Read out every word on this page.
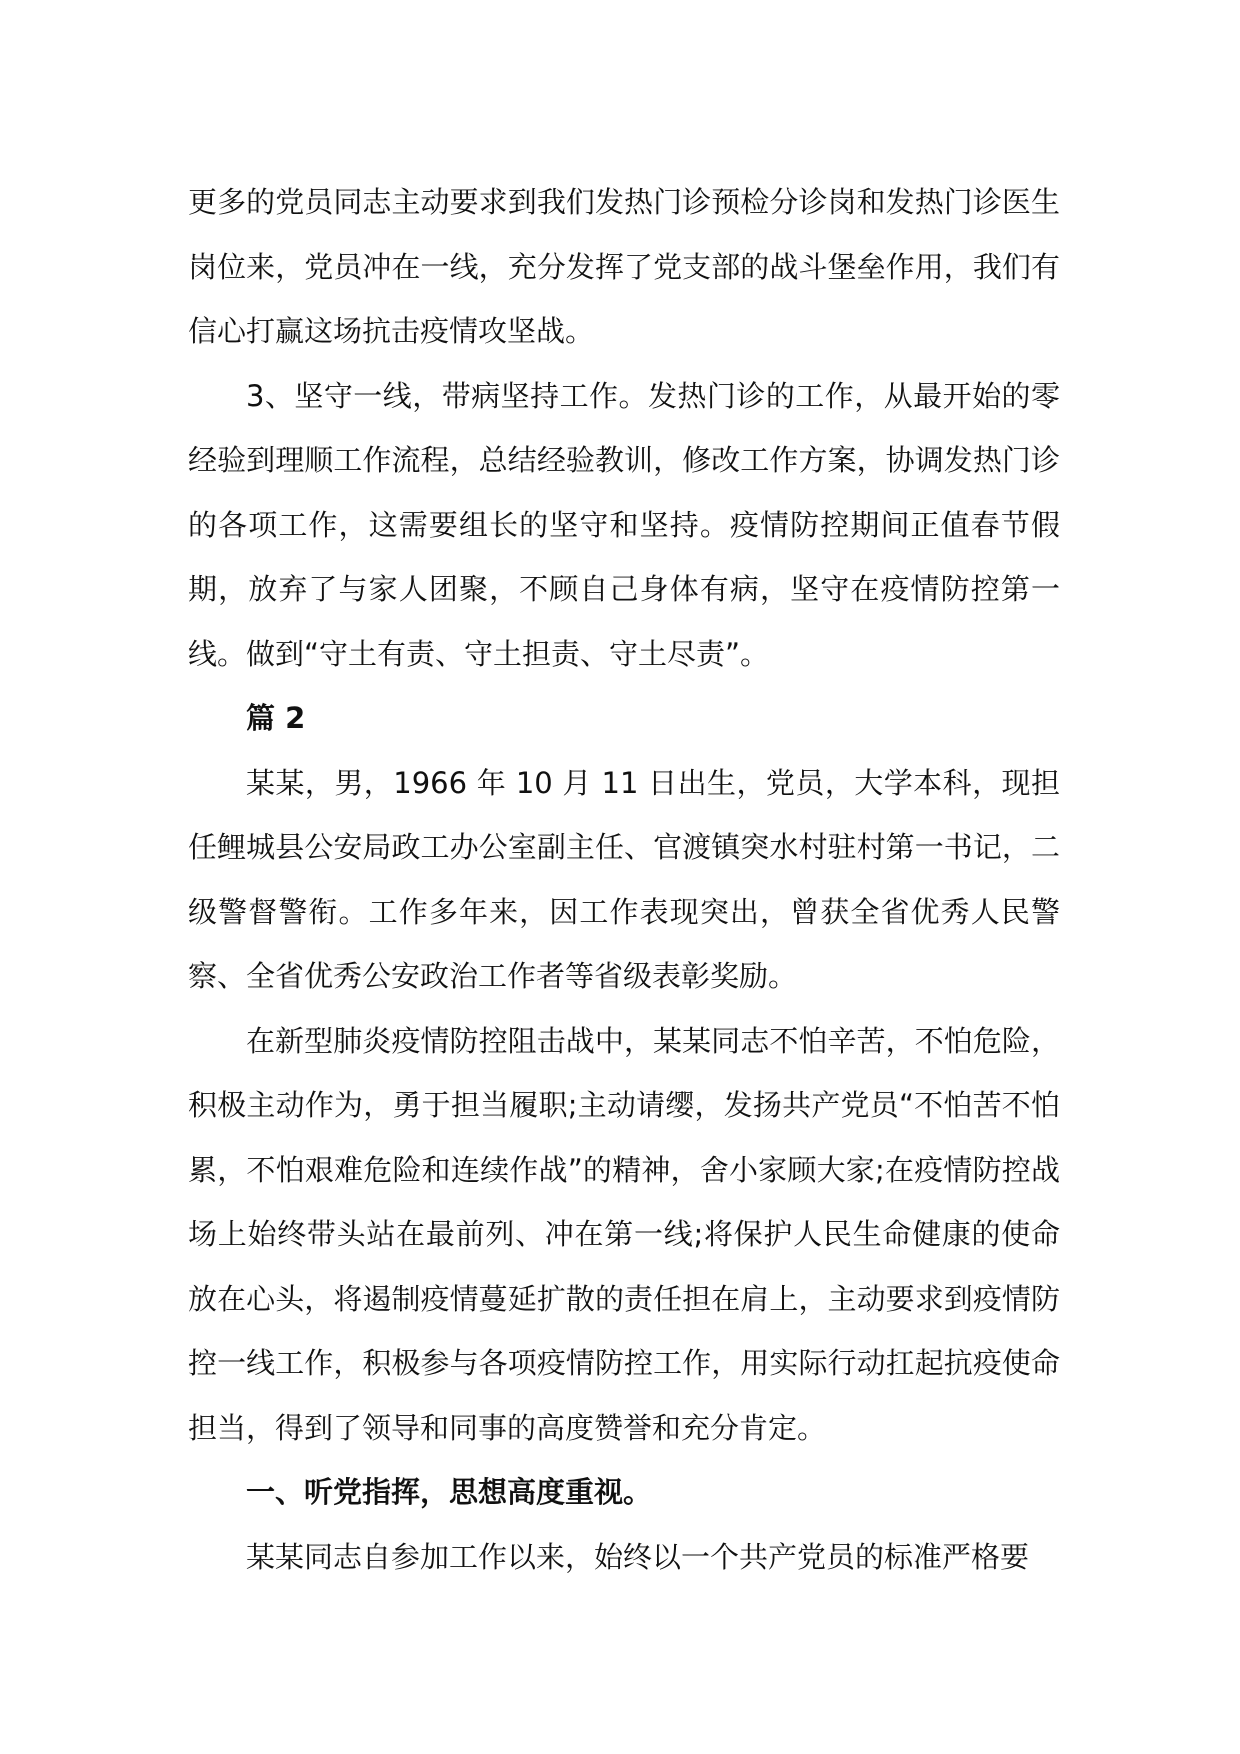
更多的党员同志主动要求到我们发热门诊预检分诊岗和发热门诊医生岗位来，党员冲在一线，充分发挥了党支部的战斗堡垒作用，我们有信心打赢这场抗击疫情攻坚战。

3、坚守一线，带病坚持工作。发热门诊的工作，从最开始的零经验到理顺工作流程，总结经验教训，修改工作方案，协调发热门诊的各项工作，这需要组长的坚守和坚持。疫情防控期间正值春节假期，放弃了与家人团聚，不顾自己身体有病，坚守在疫情防控第一线。做到“守土有责、守土担责、守土尽责”。

篇 2

某某，男，1966 年 10 月 11 日出生，党员，大学本科，现担任鲤城县公安局政工办公室副主任、官渡镇突水村驻村第一书记，二级警督警衔。工作多年来，因工作表现突出，曾获全省优秀人民警察、全省优秀公安政治工作者等省级表彰奖励。

在新型肺炎疫情防控阻击战中，某某同志不怕辛苦，不怕危险，积极主动作为，勇于担当履职;主动请缨，发扬共产党员“不怕苦不怕累，不怕艰难危险和连续作战”的精神，舍小家顾大家;在疫情防控战场上始终带头站在最前列、冲在第一线;将保护人民生命健康的使命放在心头，将遏制疫情蔓延扩散的责任担在肩上，主动要求到疫情防控一线工作，积极参与各项疫情防控工作，用实际行动扛起抗疫使命担当，得到了领导和同事的高度赞誉和充分肯定。

一、听党指挥，思想高度重视。

某某同志自参加工作以来，始终以一个共产党员的标准严格要
